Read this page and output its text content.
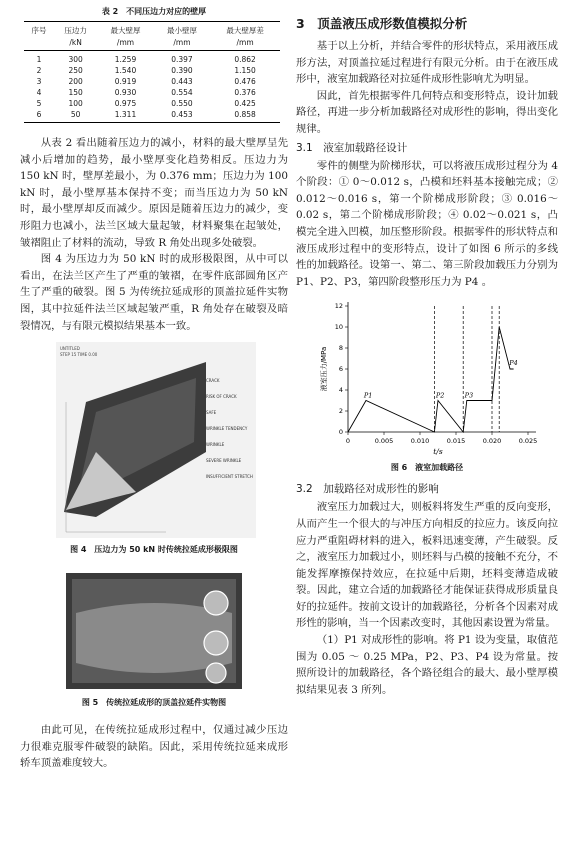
表 2　不同压边力对应的壁厚
序号	压边力	最大壁厚	最小壁厚	最大壁厚差
	/kN	/mm	/mm	/mm
1	300	1.259	0.397	0.862
2	250	1.540	0.390	1.150
3	200	0.919	0.443	0.476
4	150	0.930	0.554	0.376
5	100	0.975	0.550	0.425
6	50	1.311	0.453	0.858

从表 2 看出随着压边力的减小，材料的最大壁厚呈先减小后增加的趋势，最小壁厚变化趋势相反。压边力为 150 kN 时，壁厚差最小，为 0.376 mm；压边力为 100 kN 时，最小壁厚基本保持不变；而当压边力为 50 kN 时，最小壁厚却反而减少。原因是随着压边力的减少，变形阻力也减小，法兰区域大量起皱，材料聚集在起皱处，皱褶阻止了材料的流动，导致 R 角处出现多处破裂。

图 4 为压边力为 50 kN 时的成形极限图，从中可以看出，在法兰区产生了严重的皱褶，在零件底部圆角区产生了严重的破裂。图 5 为传统拉延成形的顶盖拉延件实物图，其中拉延件法兰区域起皱严重，R 角处存在破裂及暗裂情况，与有限元模拟结果基本一致。

UNTITLED
STEP 15 TIME 0.00
CRACK
RISK OF CRACK
SAFE
WRINKLE TENDENCY
WRINKLE
SEVERE WRINKLE
INSUFFICIENT STRETCH
图 4　压边力为 50 kN 时传统拉延成形极限图
图 5　传统拉延成形的顶盖拉延件实物图

由此可见，在传统拉延成形过程中，仅通过减少压边力很难克服零件破裂的缺陷。因此，采用传统拉延来成形轿车顶盖难度较大。

3　顶盖液压成形数值模拟分析

基于以上分析，并结合零件的形状特点，采用液压成形方法，对顶盖拉延过程进行有限元分析。由于在液压成形中，液室加载路径对拉延件成形性影响尤为明显。

因此，首先根据零件几何特点和变形特点，设计加载路径，再进一步分析加载路径对成形性的影响，得出变化规律。

3.1　液室加载路径设计

零件的侧壁为阶梯形状，可以将液压成形过程分为 4 个阶段：① 0～0.012 s，凸模和坯料基本接触完成；② 0.012～0.016 s，第一个阶梯成形阶段；③ 0.016～0.02 s，第二个阶梯成形阶段；④ 0.02～0.021 s，凸模完全进入凹模，加压整形阶段。根据零件的形状特点和液压成形过程中的变形特点，设计了如图 6 所示的多线性的加载路径。设第一、第二、第三阶段加载压力分别为 P1、P2、P3，第四阶段整形压力为 P4 。

0	0.005	0.010	0.015	0.020	0.025
0
2
4
6
8
10
12
P1	P2	P3
P4
t/s
液室压力/MPa
图 6　液室加载路径
3.2　加载路径对成形性的影响

液室压力加载过大，则板料将发生严重的反向变形，从而产生一个很大的与冲压方向相反的拉应力。该反向拉应力严重阻碍材料的进入，板料迅速变薄，产生破裂。反之，液室压力加载过小，则坯料与凸模的接触不充分，不能发挥摩擦保持效应，在拉延中后期，坯料变薄造成破裂。因此，建立合适的加载路径才能保证获得成形质量良好的拉延件。按前文设计的加载路径，分析各个因素对成形性的影响，当一个因素改变时，其他因素设置为常量。

（1）P1 对成形性的影响。将 P1 设为变量，取值范围为 0.05 ～ 0.25 MPa，P2、P3、P4 设为常量。按照所设计的加载路径，各个路径组合的最大、最小壁厚模拟结果见表 3 所列。
